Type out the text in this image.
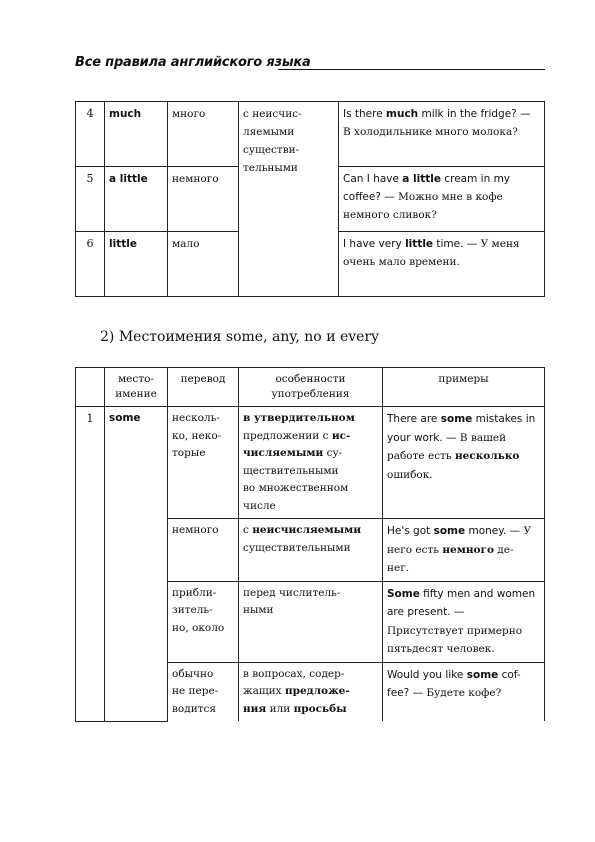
Все правила английского языка
4	much	много	с неисчис-
ляемыми
существи-
тельными	Is there much milk in the fridge? — В холодильнике много молока?
5	a little	немного		Can I have a little cream in my coffee? — Можно мне в кофе немного сливок?
6	little	мало		I have very little time. — У меня очень мало времени.
2) Местоимения some, any, no и every
	место-
имение	перевод	особенности
употребления	примеры
1	some	несколь-
ко, неко-
торые	в утвердительном предложении с ис-
числяемыми су-
ществительными
во множественном
числе	There are some mistakes in your work. — В вашей работе есть несколько ошибок.
		немного	с неисчисляемыми
существительными	He's got some money. — У него есть немного де-
нег.
		прибли-
зитель-
но, около	перед числитель-
ными	Some fifty men and women are present. — Присутствует примерно пятьдесят человек.
		обычно
не пере-
водится	в вопросах, содер-
жащих предложе-
ния или просьбы	Would you like some cof-
fee? — Будете кофе?
